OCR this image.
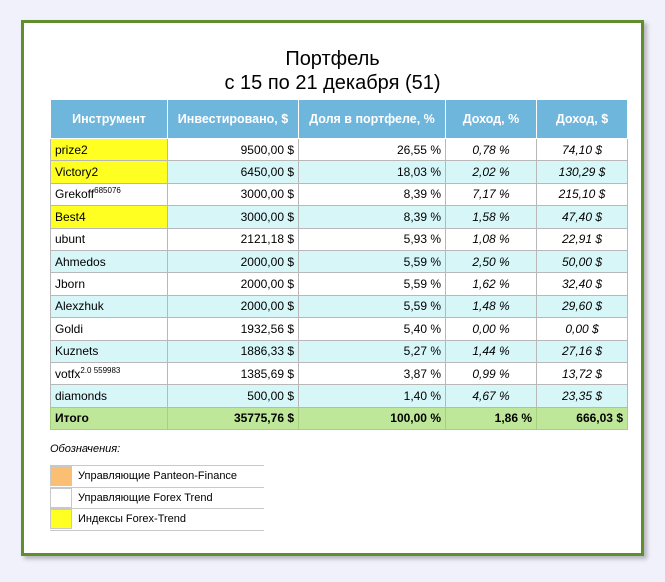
Портфель
с 15 по 21 декабря (51)
Инструмент	Инвестировано, $	Доля в портфеле, %	Доход, %	Доход, $
prize2	9500,00 $	26,55 %	0,78 %	74,10 $
Victory2	6450,00 $	18,03 %	2,02 %	130,29 $
Grekoff$^{685076}$	3000,00 $	8,39 %	7,17 %	215,10 $
Best4	3000,00 $	8,39 %	1,58 %	47,40 $
ubunt	2121,18 $	5,93 %	1,08 %	22,91 $
Ahmedos	2000,00 $	5,59 %	2,50 %	50,00 $
Jborn	2000,00 $	5,59 %	1,62 %	32,40 $
Alexzhuk	2000,00 $	5,59 %	1,48 %	29,60 $
Goldi	1932,56 $	5,40 %	0,00 %	0,00 $
Kuznets	1886,33 $	5,27 %	1,44 %	27,16 $
votfx$^{2.0 559983}$	1385,69 $	3,87 %	0,99 %	13,72 $
diamonds	500,00 $	1,40 %	4,67 %	23,35 $
Итого	35775,76 $	100,00 %	1,86 %	666,03 $
Обозначения:
Управляющие Panteon-Finance
Управляющие Forex Trend
Индексы Forex-Trend
